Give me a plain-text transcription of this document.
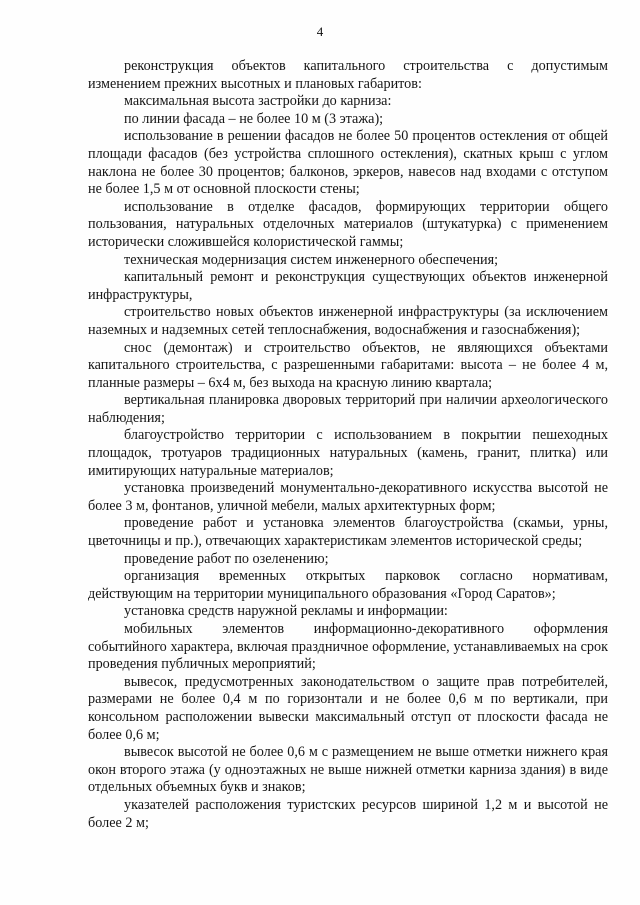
4

реконструкция объектов капитального строительства с допустимым изменением прежних высотных и плановых габаритов:

максимальная высота застройки до карниза:

по линии фасада – не более 10 м (3 этажа);

использование в решении фасадов не более 50 процентов остекления от общей площади фасадов (без устройства сплошного остекления), скатных крыш с углом наклона не более 30 процентов; балконов, эркеров, навесов над входами с отступом не более 1,5 м от основной плоскости стены;

использование в отделке фасадов, формирующих территории общего пользования, натуральных отделочных материалов (штукатурка) с применением исторически сложившейся колористической гаммы;

техническая модернизация систем инженерного обеспечения;

капитальный ремонт и реконструкция существующих объектов инженерной инфраструктуры,

строительство новых объектов инженерной инфраструктуры (за исключением наземных и надземных сетей теплоснабжения, водоснабжения и газоснабжения);

снос (демонтаж) и строительство объектов, не являющихся объектами капитального строительства, с разрешенными габаритами: высота – не более 4 м, планные размеры – 6х4 м, без выхода на красную линию квартала;

вертикальная планировка дворовых территорий при наличии археологического наблюдения;

благоустройство территории с использованием в покрытии пешеходных площадок, тротуаров традиционных натуральных (камень, гранит, плитка) или имитирующих натуральные материалов;

установка произведений монументально-декоративного искусства высотой не более 3 м, фонтанов, уличной мебели, малых архитектурных форм;

проведение работ и установка элементов благоустройства (скамьи, урны, цветочницы и пр.), отвечающих характеристикам элементов исторической среды;

проведение работ по озеленению;

организация временных открытых парковок согласно нормативам, действующим на территории муниципального образования «Город Саратов»;

установка средств наружной рекламы и информации:

мобильных элементов информационно-декоративного оформления событийного характера, включая праздничное оформление, устанавливаемых на срок проведения публичных мероприятий;

вывесок, предусмотренных законодательством о защите прав потребителей, размерами не более 0,4 м по горизонтали и не более 0,6 м по вертикали, при консольном расположении вывески максимальный отступ от плоскости фасада не более 0,6 м;

вывесок высотой не более 0,6 м с размещением не выше отметки нижнего края окон второго этажа (у одноэтажных не выше нижней отметки карниза здания) в виде отдельных объемных букв и знаков;

указателей расположения туристских ресурсов шириной 1,2 м и высотой не более 2 м;
